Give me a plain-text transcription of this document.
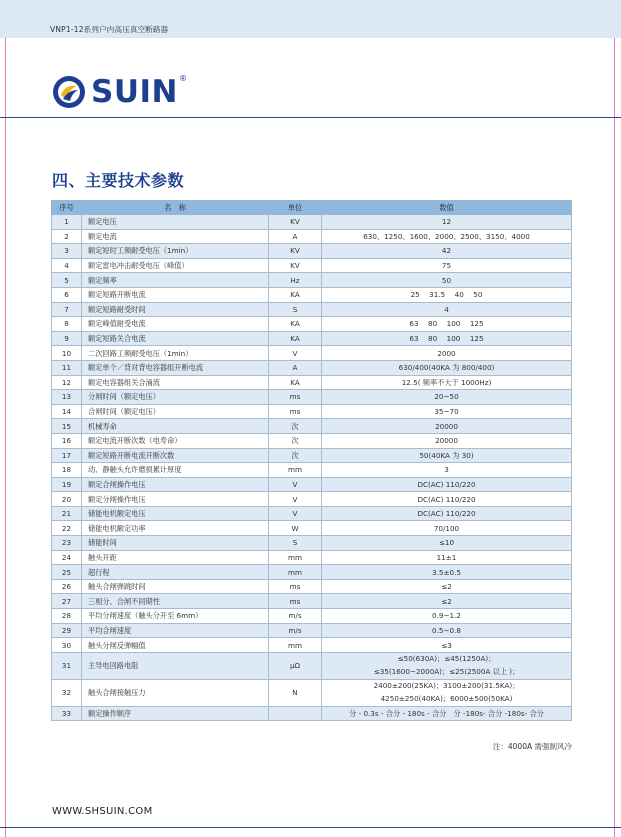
VNP1-12系列户内高压真空断路器
SUIN ®
四、主要技术参数
序号	名　称	单位	数值
1	额定电压	KV	12
2	额定电流	A	630、1250、1600、2000、2500、3150、4000
3	额定短时工频耐受电压（1min）	KV	42
4	额定雷电冲击耐受电压（峰值）	KV	75
5	额定频率	Hz	50
6	额定短路开断电流	KA	25　 31.5　 40　 50
7	额定短路耐受时间	S	4
8	额定峰值耐受电流	KA	63　 80　 100　 125
9	额定短路关合电流	KA	63　 80　 100　 125
10	二次回路工频耐受电压（1min）	V	2000
11	额定单个／背对背电容器组开断电流	A	630/400(40KA 为 800/400)
12	额定电容器组关合涌流	KA	12.5( 频率不大于 1000Hz)
13	分闸时间（额定电压）	ms	20~50
14	合闸时间（额定电压）	ms	35~70
15	机械寿命	次	20000
16	额定电流开断次数（电寿命）	次	20000
17	额定短路开断电流开断次数	次	50(40KA 为 30)
18	动、静触头允许磨损累计厚度	mm	3
19	额定合闸操作电压	V	DC(AC) 110/220
20	额定分闸操作电压	V	DC(AC) 110/220
21	储能电机额定电压	V	DC(AC) 110/220
22	储能电机额定功率	W	70/100
23	储能时间	S	≤10
24	触头开距	mm	11±1
25	超行程	mm	3.5±0.5
26	触头合闸弹跳时间	ms	≤2
27	三相分、合闸不同期性	ms	≤2
28	平均分闸速度（触头分开至 6mm）	m/s	0.9~1.2
29	平均合闸速度	m/s	0.5~0.8
30	触头分闸反弹幅值	mm	≤3
31	主导电回路电阻	μΩ	≤50(630A)；≤45(1250A)；
≤35(1600~2000A)；≤25(2500A 以上 )；

32	触头合闸接触压力	N	2400±200(25KA)；3100±200(31.5KA)；
4250±250(40KA)；6000±500(50KA)

33	额定操作顺序		分 - 0.3s - 合分 - 180s - 合分　分 -180s- 合分 -180s- 合分
注：4000A 需强制风冷
WWW.SHSUIN.COM
